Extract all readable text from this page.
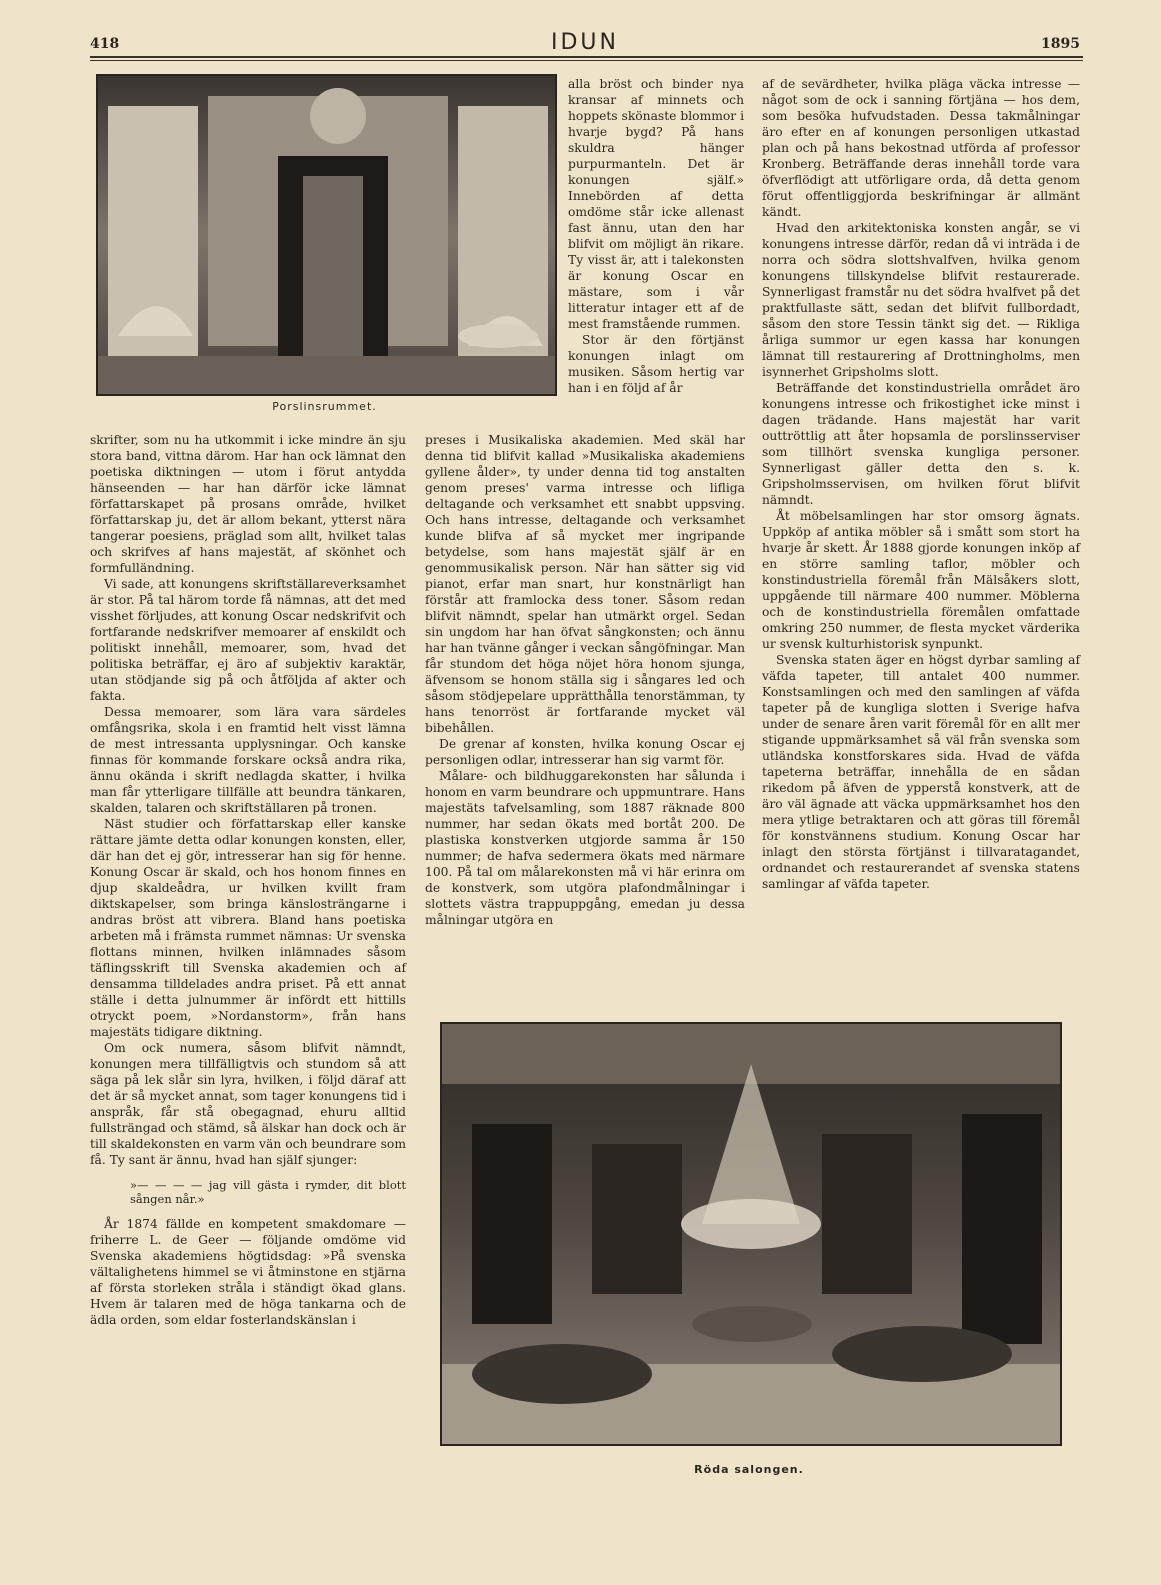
418	IDUN	1895
Porslinsrummet.

alla bröst och binder nya kransar af minnets och hoppets skönaste blommor i hvarje bygd? På hans skuldra hänger purpurmanteln. Det är konungen själf.» Innebörden af detta omdöme står icke allenast fast ännu, utan den har blifvit om möjligt än rikare. Ty visst är, att i talekonsten är konung Oscar en mästare, som i vår litteratur intager ett af de mest framstående rummen.

Stor är den förtjänst konungen inlagt om musiken. Såsom hertig var han i en följd af år

preses i Musikaliska akademien. Med skäl har denna tid blifvit kallad »Musikaliska akademiens gyllene ålder», ty under denna tid tog anstalten genom preses' varma intresse och lifliga deltagande och verksamhet ett snabbt uppsving. Och hans intresse, deltagande och verksamhet kunde blifva af så mycket mer ingripande betydelse, som hans majestät själf är en genommusikalisk person. När han sätter sig vid pianot, erfar man snart, hur konstnärligt han förstår att framlocka dess toner. Såsom redan blifvit nämndt, spelar han utmärkt orgel. Sedan sin ungdom har han öfvat sångkonsten; och ännu har han tvänne gånger i veckan sångöfningar. Man får stundom det höga nöjet höra honom sjunga, äfvensom se honom ställa sig i sångares led och såsom stödjepelare upprätthålla tenorstämman, ty hans tenorröst är fortfarande mycket väl bibehållen.

De grenar af konsten, hvilka konung Oscar ej personligen odlar, intresserar han sig varmt för.

Målare- och bildhuggarekonsten har sålunda i honom en varm beundrare och uppmuntrare. Hans majestäts tafvelsamling, som 1887 räknade 800 nummer, har sedan ökats med bortåt 200. De plastiska konstverken utgjorde samma år 150 nummer; de hafva sedermera ökats med närmare 100. På tal om målarekonsten må vi här erinra om de konstverk, som utgöra plafondmålningar i slottets västra trappuppgång, emedan ju dessa målningar utgöra en

af de sevärdheter, hvilka pläga väcka intresse — något som de ock i sanning förtjäna — hos dem, som besöka hufvudstaden. Dessa takmålningar äro efter en af konungen personligen utkastad plan och på hans bekostnad utförda af professor Kronberg. Beträffande deras innehåll torde vara öfverflödigt att utförligare orda, då detta genom förut offentliggjorda beskrifningar är allmänt kändt.

Hvad den arkitektoniska konsten angår, se vi konungens intresse därför, redan då vi inträda i de norra och södra slottshvalfven, hvilka genom konungens tillskyndelse blifvit restaurerade. Synnerligast framstår nu det södra hvalfvet på det praktfullaste sätt, sedan det blifvit fullbordadt, såsom den store Tessin tänkt sig det. — Rikliga årliga summor ur egen kassa har konungen lämnat till restaurering af Drottningholms, men isynnerhet Gripsholms slott.

Beträffande det konstindustriella området äro konungens intresse och frikostighet icke minst i dagen trädande. Hans majestät har varit outtröttlig att åter hopsamla de porslinsserviser som tillhört svenska kungliga personer. Synnerligast gäller detta den s. k. Gripsholmsservisen, om hvilken förut blifvit nämndt.

Åt möbelsamlingen har stor omsorg ägnats. Uppköp af antika möbler så i smått som stort ha hvarje år skett. År 1888 gjorde konungen inköp af en större samling taflor, möbler och konstindustriella föremål från Mälsåkers slott, uppgående till närmare 400 nummer. Möblerna och de konstindustriella föremålen omfattade omkring 250 nummer, de flesta mycket värderika ur svensk kulturhistorisk synpunkt.

Svenska staten äger en högst dyrbar samling af väfda tapeter, till antalet 400 nummer. Konstsamlingen och med den samlingen af väfda tapeter på de kungliga slotten i Sverige hafva under de senare åren varit föremål för en allt mer stigande uppmärksamhet så väl från svenska som utländska konstforskares sida. Hvad de väfda tapeterna beträffar, innehålla de en sådan rikedom på äfven de ypperstå konstverk, att de äro väl ägnade att väcka uppmärksamhet hos den mera ytlige betraktaren och att göras till föremål för konstvännens studium. Konung Oscar har inlagt den största förtjänst i tillvaratagandet, ordnandet och restaurerandet af svenska statens samlingar af väfda tapeter.

skrifter, som nu ha utkommit i icke mindre än sju stora band, vittna därom. Har han ock lämnat den poetiska diktningen — utom i förut antydda hänseenden — har han därför icke lämnat författarskapet på prosans område, hvilket författarskap ju, det är allom bekant, ytterst nära tangerar poesiens, präglad som allt, hvilket talas och skrifves af hans majestät, af skönhet och formfulländning.

Vi sade, att konungens skriftställareverksamhet är stor. På tal härom torde få nämnas, att det med visshet förljudes, att konung Oscar nedskrifvit och fortfarande nedskrifver memoarer af enskildt och politiskt innehåll, memoarer, som, hvad det politiska beträffar, ej äro af subjektiv karaktär, utan stödjande sig på och åtföljda af akter och fakta.

Dessa memoarer, som lära vara särdeles omfångsrika, skola i en framtid helt visst lämna de mest intressanta upplysningar. Och kanske finnas för kommande forskare också andra rika, ännu okända i skrift nedlagda skatter, i hvilka man får ytterligare tillfälle att beundra tänkaren, skalden, talaren och skriftställaren på tronen.

Näst studier och författarskap eller kanske rättare jämte detta odlar konungen konsten, eller, där han det ej gör, intresserar han sig för henne. Konung Oscar är skald, och hos honom finnes en djup skaldeådra, ur hvilken kvillt fram diktskapelser, som bringa känslosträngarne i andras bröst att vibrera. Bland hans poetiska arbeten må i främsta rummet nämnas: Ur svenska flottans minnen, hvilken inlämnades såsom täflingsskrift till Svenska akademien och af densamma tilldelades andra priset. På ett annat ställe i detta julnummer är infördt ett hittills otryckt poem, »Nordanstorm», från hans majestäts tidigare diktning.

Om ock numera, såsom blifvit nämndt, konungen mera tillfälligtvis och stundom så att säga på lek slår sin lyra, hvilken, i följd däraf att det är så mycket annat, som tager konungens tid i anspråk, får stå obegagnad, ehuru alltid fullsträngad och stämd, så älskar han dock och är till skaldekonsten en varm vän och beundrare som få. Ty sant är ännu, hvad han själf sjunger:

»— — — — jag vill gästa i rymder, dit blott sången når.»

År 1874 fällde en kompetent smakdomare — friherre L. de Geer — följande omdöme vid Svenska akademiens högtidsdag: »På svenska vältalighetens himmel se vi åtminstone en stjärna af första storleken stråla i ständigt ökad glans. Hvem är talaren med de höga tankarna och de ädla orden, som eldar fosterlandskänslan i

Röda salongen.
